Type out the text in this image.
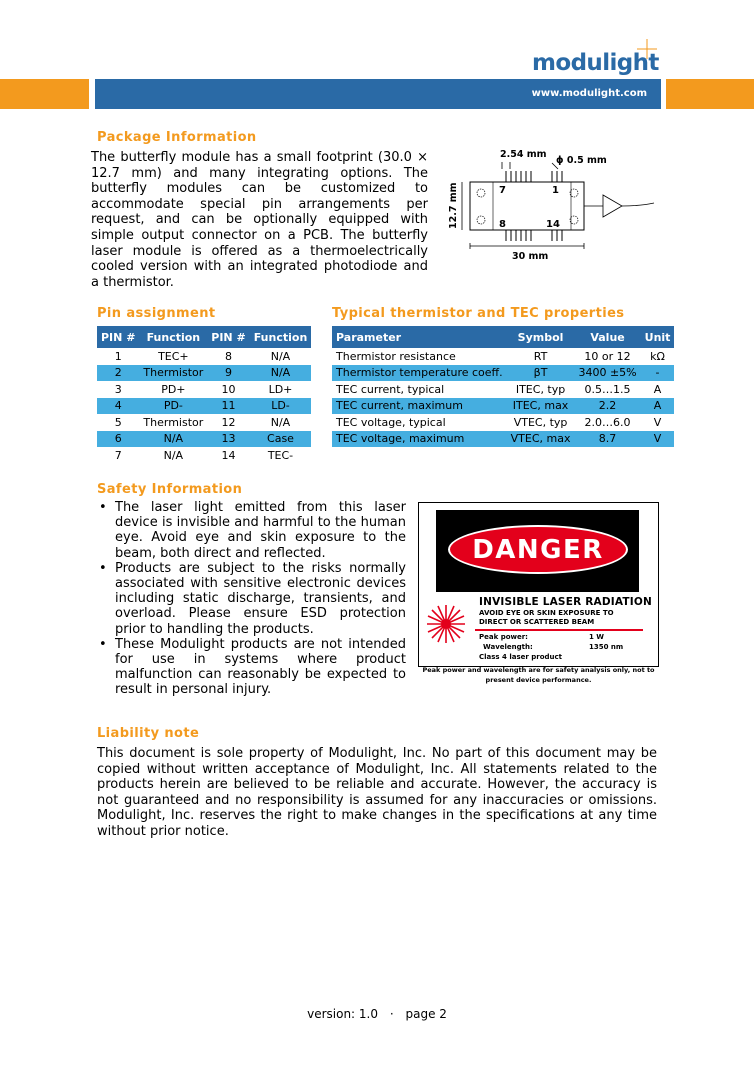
modulight
www.modulight.com
Package Information
The butterfly module has a small footprint (30.0 × 12.7 mm) and many integrating options. The butterfly modules can be customized to accommodate special pin arrangements per request, and can be optionally equipped with simple output connector on a PCB. The butterfly laser module is offered as a thermoelectrically cooled version with an integrated photodiode and a thermistor.
2.54 mm
ϕ 0.5 mm
7	1
8	14
12.7 mm
30 mm
Pin assignment
PIN #	Function	PIN #	Function
1	TEC+	8	N/A
2	Thermistor	9	N/A
3	PD+	10	LD+
4	PD-	11	LD-
5	Thermistor	12	N/A
6	N/A	13	Case
7	N/A	14	TEC-
Typical thermistor and TEC properties
Parameter	Symbol	Value	Unit
Thermistor resistance	RT	10 or 12	kΩ
Thermistor temperature coeff.	βT	3400 ±5%	-
TEC current, typical	ITEC, typ	0.5…1.5	A
TEC current, maximum	ITEC, max	2.2	A
TEC voltage, typical	VTEC, typ	2.0…6.0	V
TEC voltage, maximum	VTEC, max	8.7	V
Safety Information
• The laser light emitted from this laser device is invisible and harmful to the human eye. Avoid eye and skin exposure to the beam, both direct and reflected.
• Products are subject to the risks normally associated with sensitive electronic devices including static discharge, transients, and overload. Please ensure ESD protection prior to handling the products.
• These Modulight products are not intended for use in systems where product malfunction can reasonably be expected to result in personal injury.
DANGER
INVISIBLE LASER RADIATION
AVOID EYE OR SKIN EXPOSURE TO DIRECT OR SCATTERED BEAM
Peak power:	1 W
Wavelength:	1350 nm
Class 4 laser product
Peak power and wavelength are for safety analysis only, not to present device performance.
Liability note
This document is sole property of Modulight, Inc. No part of this document may be copied without written acceptance of Modulight, Inc. All statements related to the products herein are believed to be reliable and accurate. However, the accuracy is not guaranteed and no responsibility is assumed for any inaccuracies or omissions. Modulight, Inc. reserves the right to make changes in the specifications at any time without prior notice.
version: 1.0 · page 2
